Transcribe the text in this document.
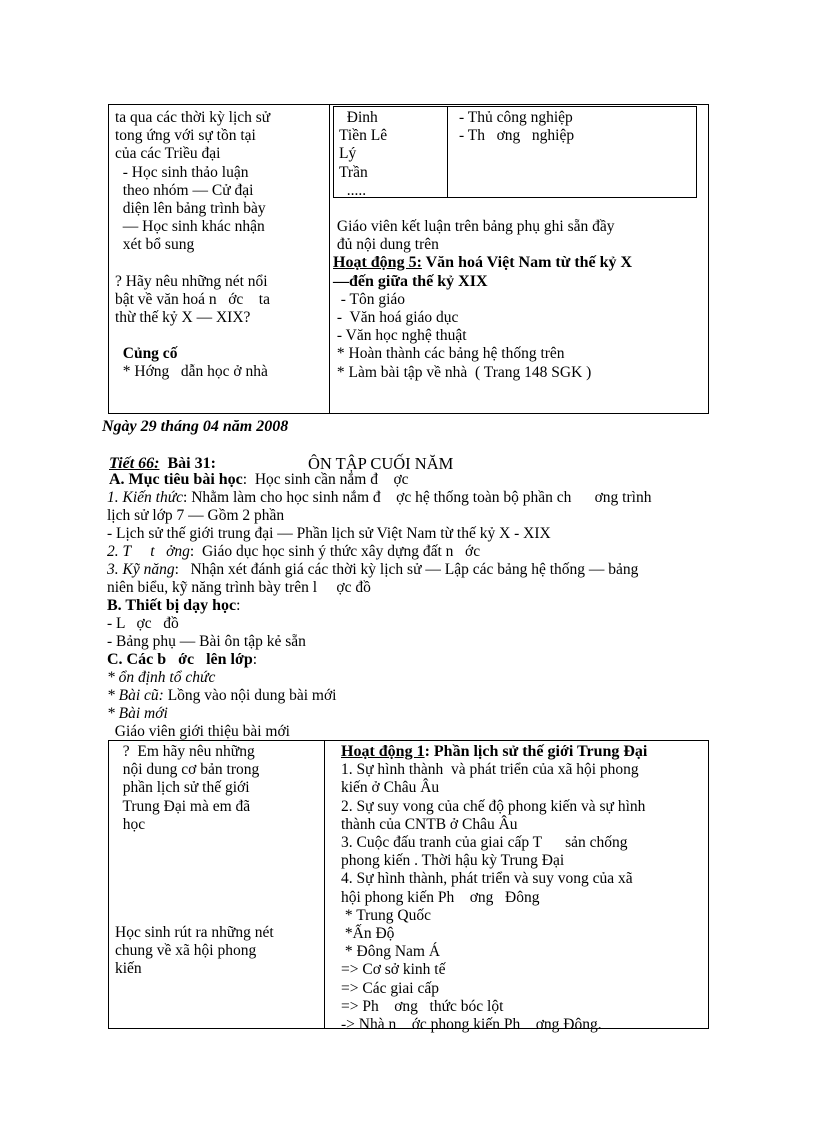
ta qua các thời kỳ lịch sử
tong ứng với sự tồn tại
của các Triều đại
- Học sinh thảo luận
theo nhóm — Cử đại
diện lên bảng trình bày
— Học sinh khác nhận
xét bổ sung
? Hãy nêu những nét nổi
bật về văn hoá n   ớc    ta
thừ thế kỷ X — XIX?
Củng cố
* Hớng   dẫn học ở nhà
Đinh
Tiền Lê
Lý
Trần
.....
- Thủ công nghiệp
- Th   ơng   nghiệp
Giáo viên kết luận trên bảng phụ ghi sẵn đầy
đủ nội dung trên
Hoạt động 5: Văn hoá Việt Nam từ thế kỷ X
—đến giữa thế kỷ XIX
- Tôn giáo
-  Văn hoá giáo dục
- Văn học nghệ thuật
* Hoàn thành các bảng hệ thống trên
* Làm bài tập về nhà  ( Trang 148 SGK )
Ngày 29 tháng 04 năm 2008
Tiết 66:  Bài 31:	ÔN TẬP CUỐI NĂM
A. Mục tiêu bài học:  Học sinh cần nắm đ    ợc
1. Kiến thức: Nhằm làm cho học sinh nắm đ    ợc hệ thống toàn bộ phần ch      ơng trình
lịch sử lớp 7 — Gồm 2 phần
- Lịch sử thế giới trung đại — Phần lịch sử Việt Nam từ thế kỷ X - XIX
2. T     t   ởng:  Giáo dục học sinh ý thức xây dựng đất n   ớc
3. Kỹ năng:   Nhận xét đánh giá các thời kỳ lịch sử — Lập các bảng hệ thống — bảng
niên biểu, kỹ năng trình bày trên l     ợc đồ
B. Thiết bị dạy học:
- L   ợc   đồ
- Bảng phụ — Bài ôn tập kẻ sẵn
C. Các b   ớc   lên lớp:
* ổn định tổ chức
* Bài cũ: Lồng vào nội dung bài mới
* Bài mới
Giáo viên giới thiệu bài mới
?  Em hãy nêu những
nội dung cơ bản trong
phần lịch sử thế giới
Trung Đại mà em đã
học
Học sinh rút ra những nét
chung về xã hội phong
kiến
Hoạt động 1: Phần lịch sử thế giới Trung Đại
1. Sự hình thành  và phát triển của xã hội phong
kiến ở Châu Âu
2. Sự suy vong của chế độ phong kiến và sự hình
thành của CNTB ở Châu Âu
3. Cuộc đấu tranh của giai cấp T      sản chống
phong kiến . Thời hậu kỳ Trung Đại
4. Sự hình thành, phát triển và suy vong của xã
hội phong kiến Ph    ơng   Đông
* Trung Quốc
*Ấn Độ
* Đông Nam Á
=> Cơ sở kinh tế
=> Các giai cấp
=> Ph    ơng   thức bóc lột
-> Nhà n    ớc phong kiến Ph    ơng Đông.
